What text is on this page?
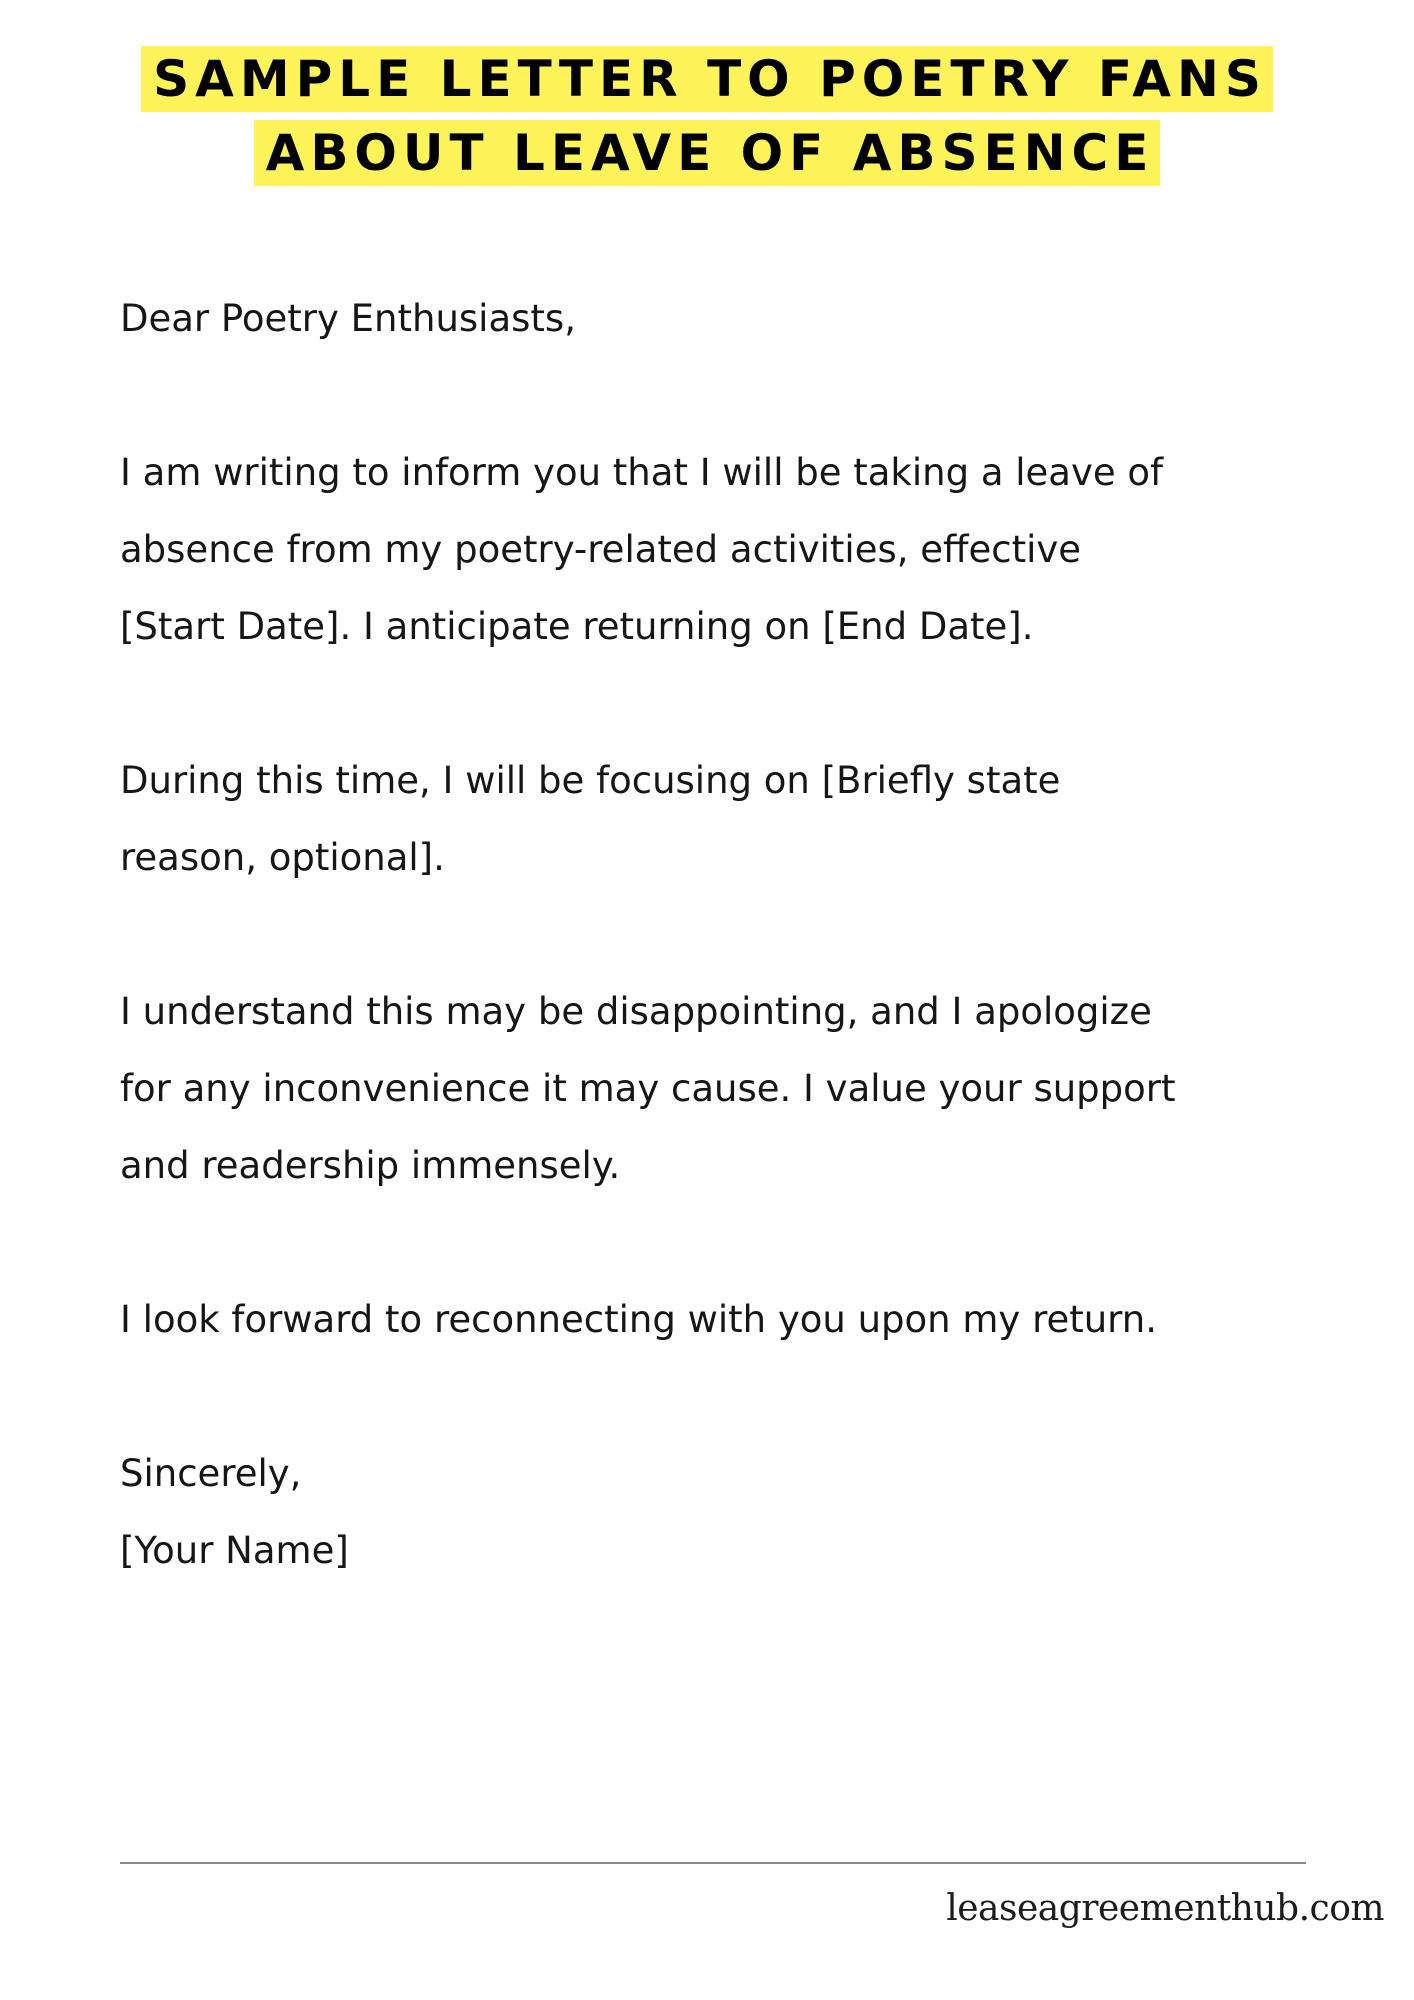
SAMPLE LETTER TO POETRY FANS
ABOUT LEAVE OF ABSENCE

Dear Poetry Enthusiasts,

I am writing to inform you that I will be taking a leave of

absence from my poetry-related activities, effective

[Start Date]. I anticipate returning on [End Date].

During this time, I will be focusing on [Briefly state

reason, optional].

I understand this may be disappointing, and I apologize

for any inconvenience it may cause. I value your support

and readership immensely.

I look forward to reconnecting with you upon my return.

Sincerely,

[Your Name]

leaseagreementhub.com
